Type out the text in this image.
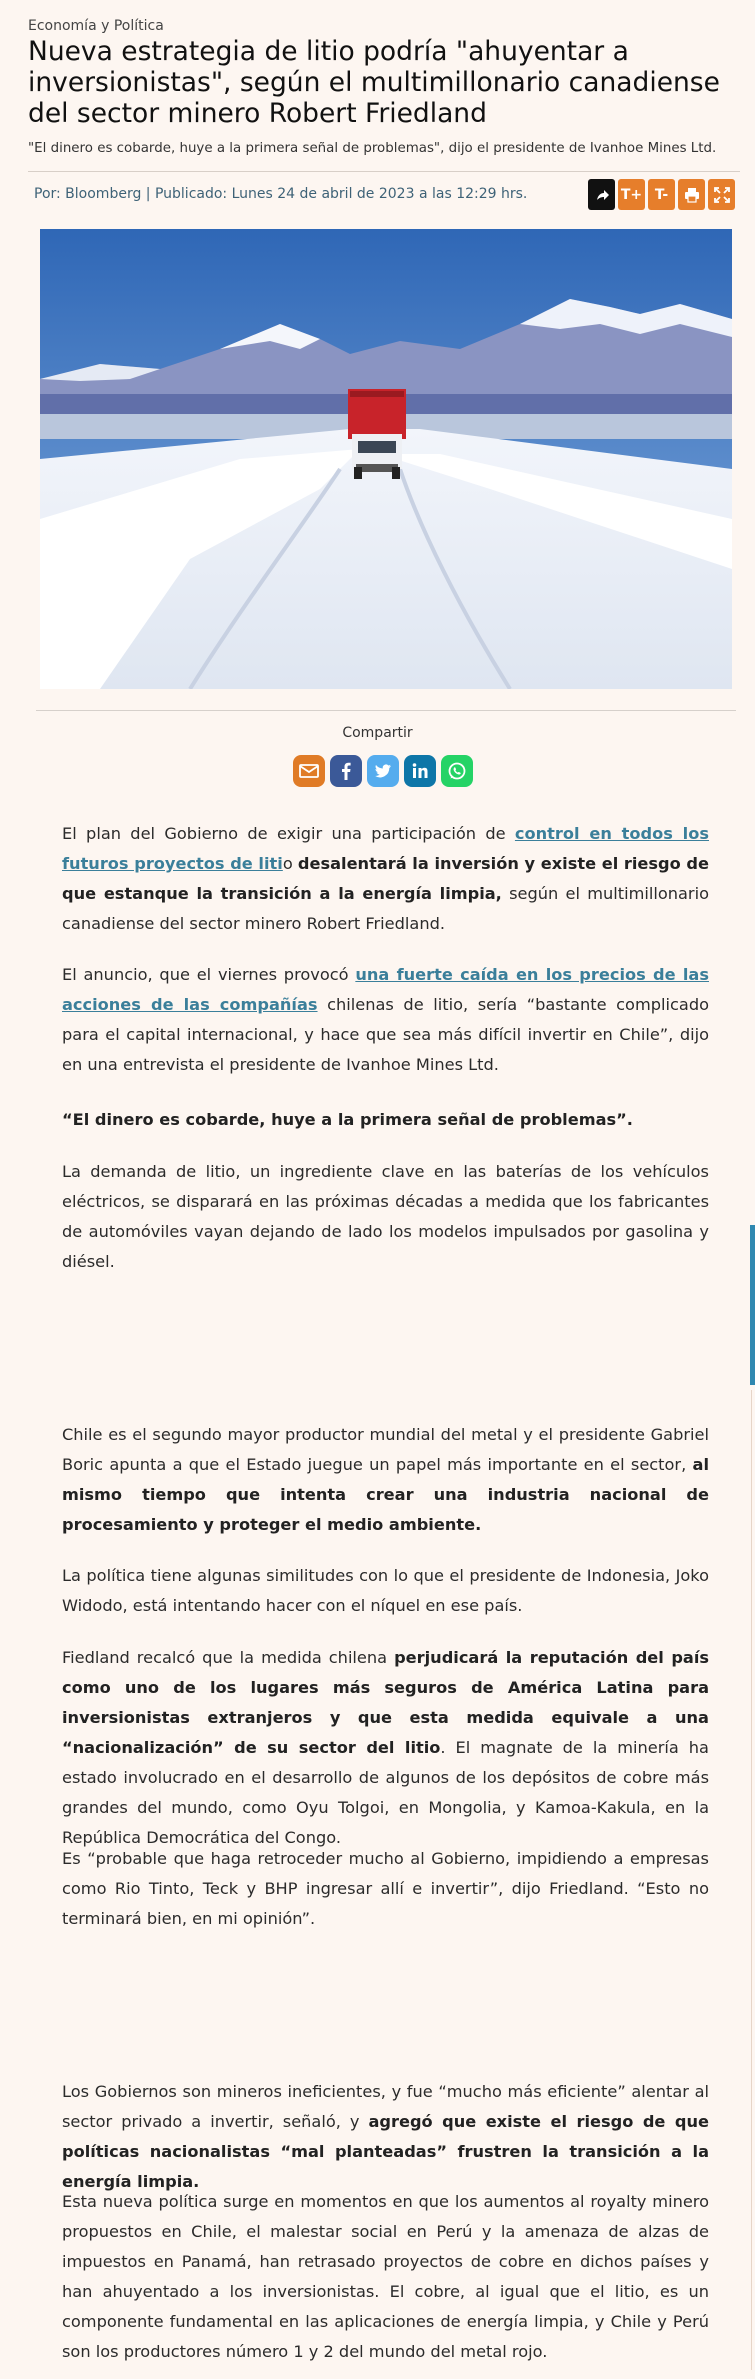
Economía y Política
Nueva estrategia de litio podría "ahuyentar a inversionistas", según el multimillonario canadiense del sector minero Robert Friedland
"El dinero es cobarde, huye a la primera señal de problemas", dijo el presidente de Ivanhoe Mines Ltd.
Por: Bloomberg | Publicado: Lunes 24 de abril de 2023 a las 12:29 hrs.	T+ T-
Compartir

El plan del Gobierno de exigir una participación de control en todos los futuros proyectos de litio desalentará la inversión y existe el riesgo de que estanque la transición a la energía limpia, según el multimillonario canadiense del sector minero Robert Friedland.

El anuncio, que el viernes provocó una fuerte caída en los precios de las acciones de las compañías chilenas de litio, sería “bastante complicado para el capital internacional, y hace que sea más difícil invertir en Chile”, dijo en una entrevista el presidente de Ivanhoe Mines Ltd.

“El dinero es cobarde, huye a la primera señal de problemas”.

La demanda de litio, un ingrediente clave en las baterías de los vehículos eléctricos, se disparará en las próximas décadas a medida que los fabricantes de automóviles vayan dejando de lado los modelos impulsados por gasolina y diésel.

Chile es el segundo mayor productor mundial del metal y el presidente Gabriel Boric apunta a que el Estado juegue un papel más importante en el sector, al mismo tiempo que intenta crear una industria nacional de procesamiento y proteger el medio ambiente.

La política tiene algunas similitudes con lo que el presidente de Indonesia, Joko Widodo, está intentando hacer con el níquel en ese país.

Fiedland recalcó que la medida chilena perjudicará la reputación del país como uno de los lugares más seguros de América Latina para inversionistas extranjeros y que esta medida equivale a una “nacionalización” de su sector del litio. El magnate de la minería ha estado involucrado en el desarrollo de algunos de los depósitos de cobre más grandes del mundo, como Oyu Tolgoi, en Mongolia, y Kamoa-Kakula, en la República Democrática del Congo.

Es “probable que haga retroceder mucho al Gobierno, impidiendo a empresas como Rio Tinto, Teck y BHP ingresar allí e invertir”, dijo Friedland. “Esto no terminará bien, en mi opinión”.

Los Gobiernos son mineros ineficientes, y fue “mucho más eficiente” alentar al sector privado a invertir, señaló, y agregó que existe el riesgo de que políticas nacionalistas “mal planteadas” frustren la transición a la energía limpia.

Esta nueva política surge en momentos en que los aumentos al royalty minero propuestos en Chile, el malestar social en Perú y la amenaza de alzas de impuestos en Panamá, han retrasado proyectos de cobre en dichos países y han ahuyentado a los inversionistas. El cobre, al igual que el litio, es un componente fundamental en las aplicaciones de energía limpia, y Chile y Perú son los productores número 1 y 2 del mundo del metal rojo.
